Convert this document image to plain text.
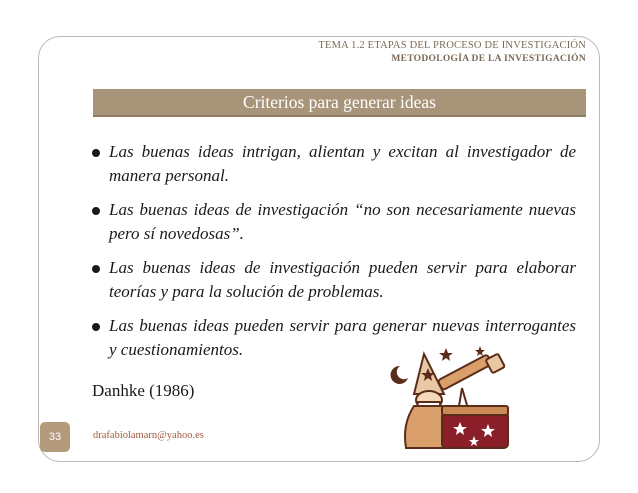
TEMA 1.2 ETAPAS DEL PROCESO DE INVESTIGACIÓN
METODOLOGÍA DE LA INVESTIGACIÓN
Criterios para generar ideas
Las buenas ideas intrigan, alientan y excitan al investigador de manera personal.
Las buenas ideas de investigación “no son necesariamente nuevas pero sí novedosas”.
Las buenas ideas de investigación pueden servir para elaborar teorías y para la solución de problemas.
Las buenas ideas pueden servir para generar nuevas interrogantes y cuestionamientos.
Danhke (1986)
33	drafabiolamarn@yahoo.es
